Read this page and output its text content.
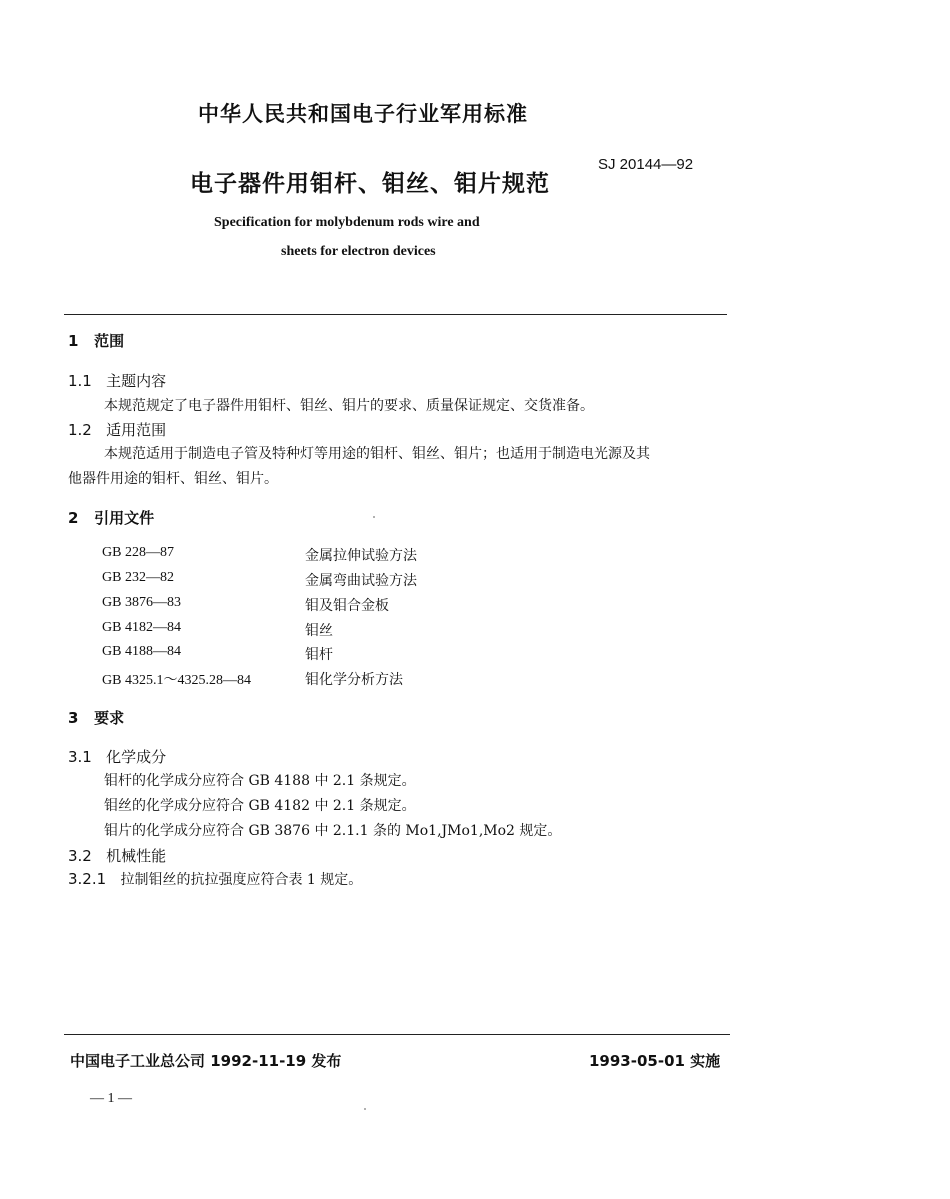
中华人民共和国电子行业军用标准
电子器件用钼杆、钼丝、钼片规范
SJ 20144—92
Specification for molybdenum rods wire and
sheets for electron devices
1 范围
1.1 主题内容
本规范规定了电子器件用钼杆、钼丝、钼片的要求、质量保证规定、交货准备。
1.2 适用范围
本规范适用于制造电子管及特种灯等用途的钼杆、钼丝、钼片；也适用于制造电光源及其
他器件用途的钼杆、钼丝、钼片。
2 引用文件
GB 228—87	金属拉伸试验方法
GB 232—82	金属弯曲试验方法
GB 3876—83	钼及钼合金板
GB 4182—84	钼丝
GB 4188—84	钼杆
GB 4325.1～4325.28—84	钼化学分析方法
3 要求
3.1 化学成分
钼杆的化学成分应符合 GB 4188 中 2.1 条规定。
钼丝的化学成分应符合 GB 4182 中 2.1 条规定。
钼片的化学成分应符合 GB 3876 中 2.1.1 条的 Mo1,JMo1,Mo2 规定。
3.2 机械性能
3.2.1 拉制钼丝的抗拉强度应符合表 1 规定。
中国电子工业总公司 1992-11-19 发布	1993-05-01 实施
— 1 —
